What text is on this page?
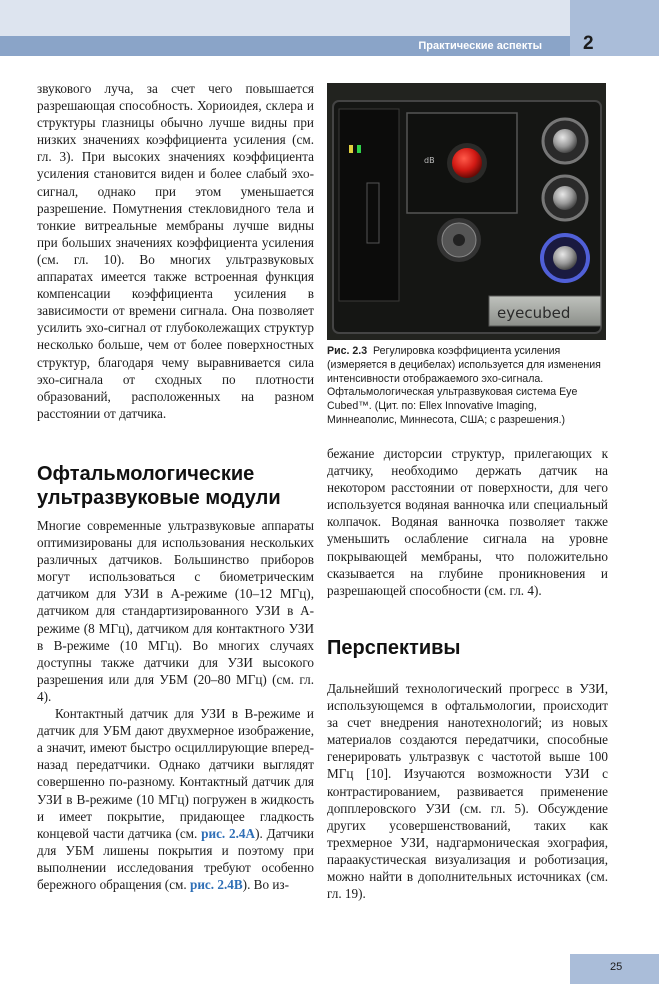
Практические аспекты 2

звукового луча, за счет чего повышается разрешающая способность. Хориоидея, склера и структуры глазницы обычно лучше видны при низких значениях коэффициента усиления (см. гл. 3). При высоких значениях коэффициента усиления становится виден и более слабый эхо-сигнал, однако при этом уменьшается разрешение. Помутнения стекловидного тела и тонкие витреальные мембраны лучше видны при больших значениях коэффициента усиления (см. гл. 10). Во многих ультразвуковых аппаратах имеется также встроенная функция компенсации коэффициента усиления в зависимости от времени сигнала. Она позволяет усилить эхо-сигнал от глубоколежащих структур несколько больше, чем от более поверхностных структур, благодаря чему выравнивается сила эхо-сигнала от сходных по плотности образований, расположенных на разном расстоянии от датчика.

Офтальмологические
ультразвуковые модули

Многие современные ультразвуковые аппараты оптимизированы для использования нескольких различных датчиков. Большинство приборов могут использоваться с биометрическим датчиком для УЗИ в А-режиме (10–12 МГц), датчиком для стандартизированного УЗИ в А-режиме (8 МГц), датчиком для контактного УЗИ в В-режиме (10 МГц). Во многих случаях доступны также датчики для УЗИ высокого разрешения или для УБМ (20–80 МГц) (см. гл. 4).

Контактный датчик для УЗИ в В-режиме и датчик для УБМ дают двухмерное изображение, а значит, имеют быстро осциллирующие вперед-назад передатчики. Однако датчики выглядят совершенно по-разному. Контактный датчик для УЗИ в В-режиме (10 МГц) погружен в жидкость и имеет покрытие, придающее гладкость концевой части датчика (см. рис. 2.4А). Датчики для УБМ лишены покрытия и поэтому при выполнении исследования требуют особенно бережного обращения (см. рис. 2.4В). Во из-

dB
eyecubed
Рис. 2.3 Регулировка коэффициента усиления (измеряется в децибелах) используется для изменения интенсивности отображаемого эхо-сигнала. Офтальмологическая ультразвуковая система Eye Cubed™. (Цит. по: Ellex Innovative Imaging, Миннеаполис, Миннесота, США; с разрешения.)

бежание дисторсии структур, прилегающих к датчику, необходимо держать датчик на некотором расстоянии от поверхности, для чего используется водяная ванночка или специальный колпачок. Водяная ванночка позволяет также уменьшить ослабление сигнала на уровне покрывающей мембраны, что положительно сказывается на глубине проникновения и разрешающей способности (см. гл. 4).

Перспективы

Дальнейший технологический прогресс в УЗИ, использующемся в офтальмологии, происходит за счет внедрения нанотехнологий; из новых материалов создаются передатчики, способные генерировать ультразвук с частотой выше 100 МГц [10]. Изучаются возможности УЗИ с контрастированием, развивается применение допплеровского УЗИ (см. гл. 5). Обсуждение других усовершенствований, таких как трехмерное УЗИ, надгармоническая эхография, параакустическая визуализация и роботизация, можно найти в дополнительных источниках (см. гл. 19).

25
